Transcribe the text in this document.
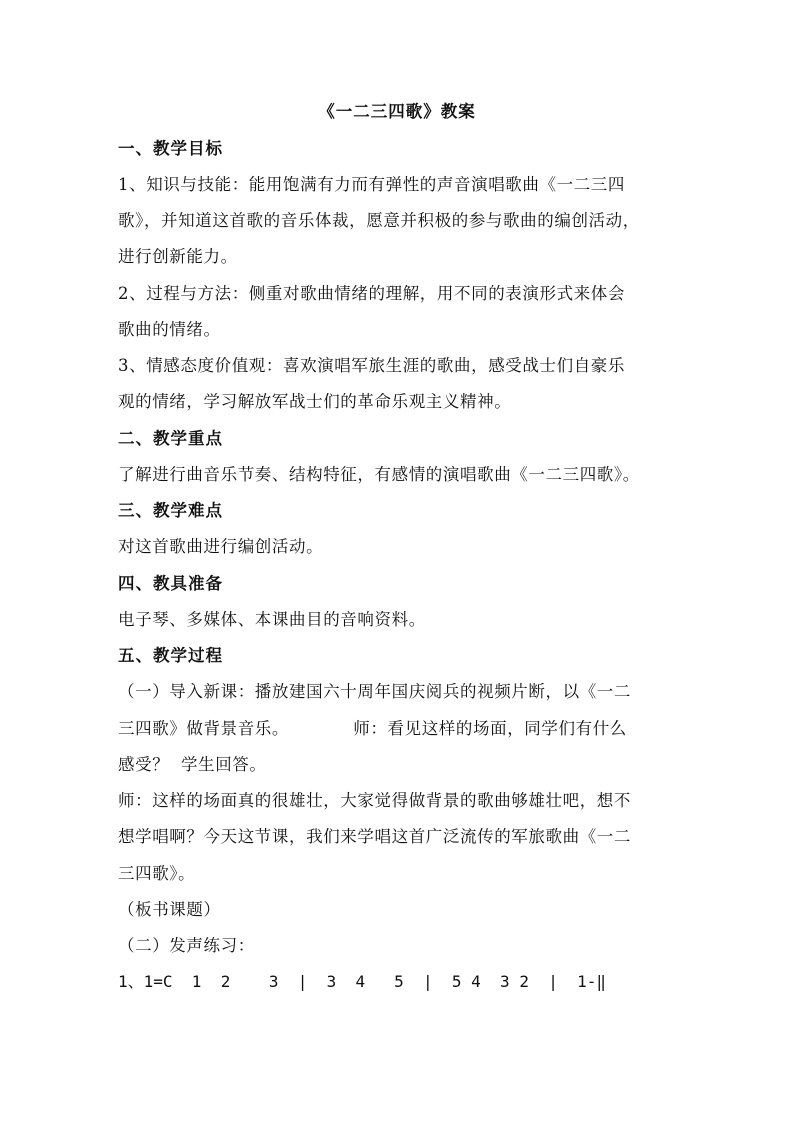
《一二三四歌》教案
一、教学目标
1、知识与技能：能用饱满有力而有弹性的声音演唱歌曲《一二三四
歌》，并知道这首歌的音乐体裁，愿意并积极的参与歌曲的编创活动，
进行创新能力。
2、过程与方法：侧重对歌曲情绪的理解，用不同的表演形式来体会
歌曲的情绪。
3、情感态度价值观：喜欢演唱军旅生涯的歌曲，感受战士们自豪乐
观的情绪，学习解放军战士们的革命乐观主义精神。
二、教学重点
了解进行曲音乐节奏、结构特征，有感情的演唱歌曲《一二三四歌》。
三、教学难点
对这首歌曲进行编创活动。
四、教具准备
电子琴、多媒体、本课曲目的音响资料。
五、教学过程
（一）导入新课：播放建国六十周年国庆阅兵的视频片断，以《一二
三四歌》做背景音乐。           师：看见这样的场面，同学们有什么
感受？  学生回答。
师：这样的场面真的很雄壮，大家觉得做背景的歌曲够雄壮吧，想不
想学唱啊？今天这节课，我们来学唱这首广泛流传的军旅歌曲《一二
三四歌》。
（板书课题）
（二）发声练习：
1、1=C  1  2    3  |  3  4   5  |  5 4  3 2  |  1-‖
